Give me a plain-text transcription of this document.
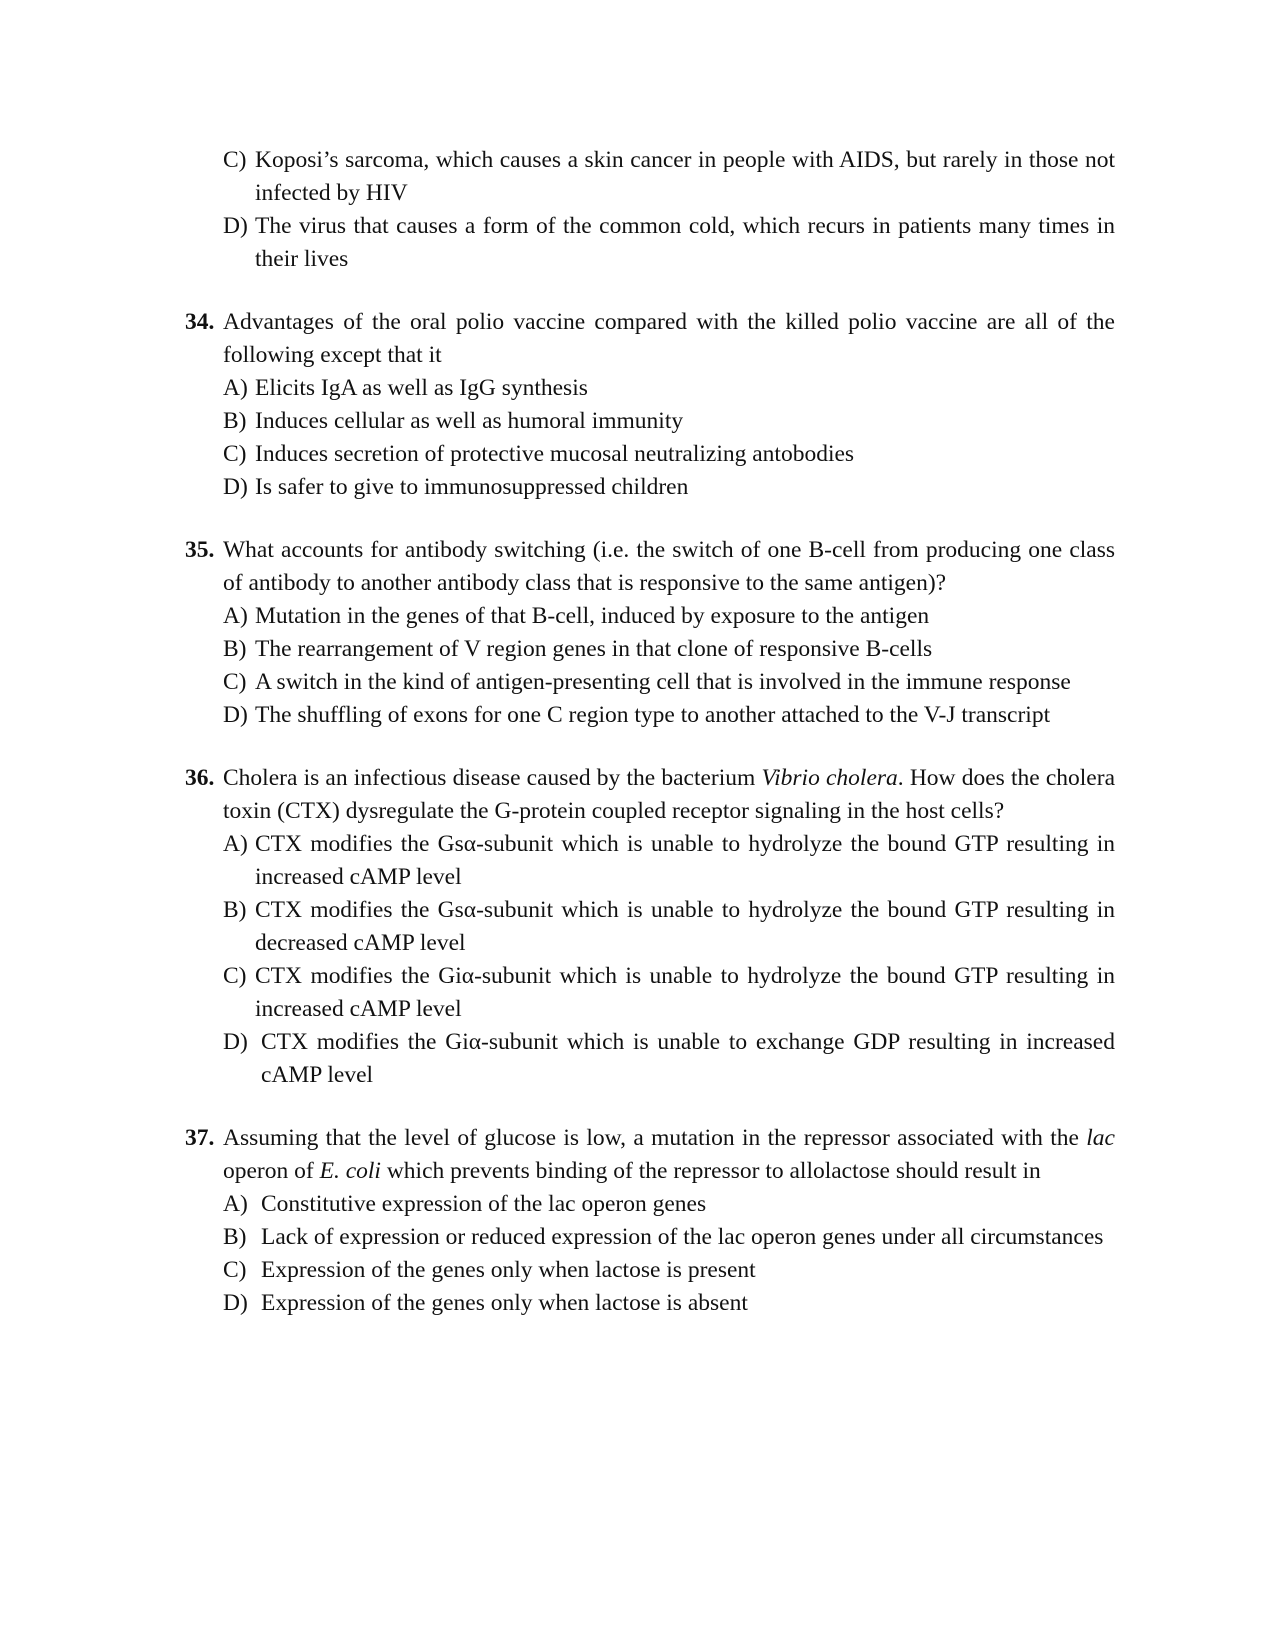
C) Koposi’s sarcoma, which causes a skin cancer in people with AIDS, but rarely in those not infected by HIV
D) The virus that causes a form of the common cold, which recurs in patients many times in their lives
34. Advantages of the oral polio vaccine compared with the killed polio vaccine are all of the following except that it
A) Elicits IgA as well as IgG synthesis
B) Induces cellular as well as humoral immunity
C) Induces secretion of protective mucosal neutralizing antobodies
D) Is safer to give to immunosuppressed children
35. What accounts for antibody switching (i.e. the switch of one B-cell from producing one class of antibody to another antibody class that is responsive to the same antigen)?
A) Mutation in the genes of that B-cell, induced by exposure to the antigen
B) The rearrangement of V region genes in that clone of responsive B-cells
C) A switch in the kind of antigen-presenting cell that is involved in the immune response
D) The shuffling of exons for one C region type to another attached to the V-J transcript
36. Cholera is an infectious disease caused by the bacterium Vibrio cholera. How does the cholera toxin (CTX) dysregulate the G-protein coupled receptor signaling in the host cells?
A) CTX modifies the Gsα-subunit which is unable to hydrolyze the bound GTP resulting in increased cAMP level
B) CTX modifies the Gsα-subunit which is unable to hydrolyze the bound GTP resulting in decreased cAMP level
C) CTX modifies the Giα-subunit which is unable to hydrolyze the bound GTP resulting in increased cAMP level
D) CTX modifies the Giα-subunit which is unable to exchange GDP resulting in increased cAMP level
37. Assuming that the level of glucose is low, a mutation in the repressor associated with the lac operon of E. coli which prevents binding of the repressor to allolactose should result in
A) Constitutive expression of the lac operon genes
B) Lack of expression or reduced expression of the lac operon genes under all circumstances
C) Expression of the genes only when lactose is present
D) Expression of the genes only when lactose is absent
